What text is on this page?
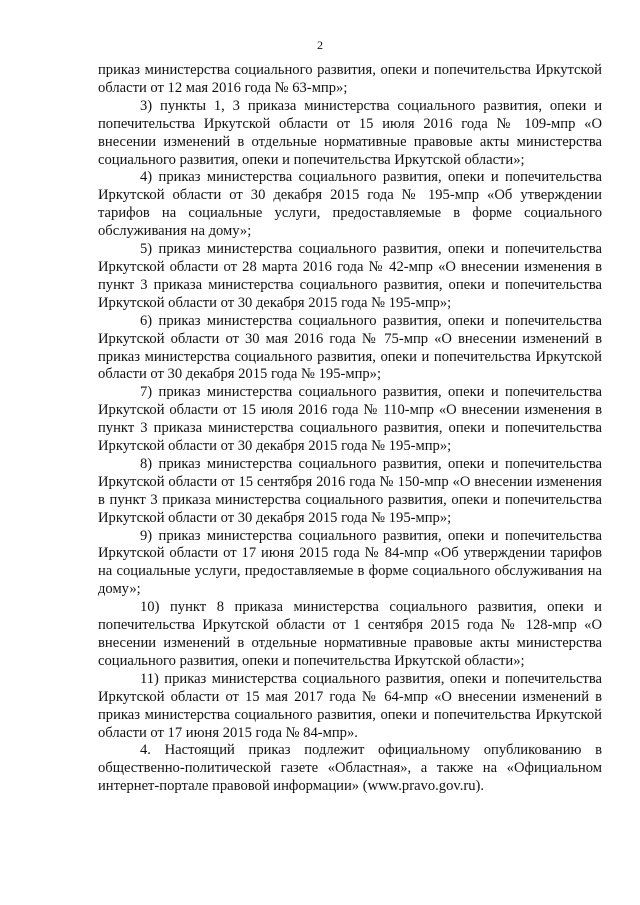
2

приказ министерства социального развития, опеки и попечительства Иркутской области от 12 мая 2016 года № 63-мпр»;

3) пункты 1, 3 приказа министерства социального развития, опеки и попечительства Иркутской области от 15 июля 2016 года № 109-мпр «О внесении изменений в отдельные нормативные правовые акты министерства социального развития, опеки и попечительства Иркутской области»;

4) приказ министерства социального развития, опеки и попечительства Иркутской области от 30 декабря 2015 года № 195-мпр «Об утверждении тарифов на социальные услуги, предоставляемые в форме социального обслуживания на дому»;

5) приказ министерства социального развития, опеки и попечительства Иркутской области от 28 марта 2016 года № 42-мпр «О внесении изменения в пункт 3 приказа министерства социального развития, опеки и попечительства Иркутской области от 30 декабря 2015 года № 195-мпр»;

6) приказ министерства социального развития, опеки и попечительства Иркутской области от 30 мая 2016 года № 75-мпр «О внесении изменений в приказ министерства социального развития, опеки и попечительства Иркутской области от 30 декабря 2015 года № 195-мпр»;

7) приказ министерства социального развития, опеки и попечительства Иркутской области от 15 июля 2016 года № 110-мпр «О внесении изменения в пункт 3 приказа министерства социального развития, опеки и попечительства Иркутской области от 30 декабря 2015 года № 195-мпр»;

8) приказ министерства социального развития, опеки и попечительства Иркутской области от 15 сентября 2016 года № 150-мпр «О внесении изменения в пункт 3 приказа министерства социального развития, опеки и попечительства Иркутской области от 30 декабря 2015 года № 195-мпр»;

9) приказ министерства социального развития, опеки и попечительства Иркутской области от 17 июня 2015 года № 84-мпр «Об утверждении тарифов на социальные услуги, предоставляемые в форме социального обслуживания на дому»;

10) пункт 8 приказа министерства социального развития, опеки и попечительства Иркутской области от 1 сентября 2015 года № 128-мпр «О внесении изменений в отдельные нормативные правовые акты министерства социального развития, опеки и попечительства Иркутской области»;

11) приказ министерства социального развития, опеки и попечительства Иркутской области от 15 мая 2017 года № 64-мпр «О внесении изменений в приказ министерства социального развития, опеки и попечительства Иркутской области от 17 июня 2015 года № 84-мпр».

4. Настоящий приказ подлежит официальному опубликованию в общественно-политической газете «Областная», а также на «Официальном интернет-портале правовой информации» (www.pravo.gov.ru).
